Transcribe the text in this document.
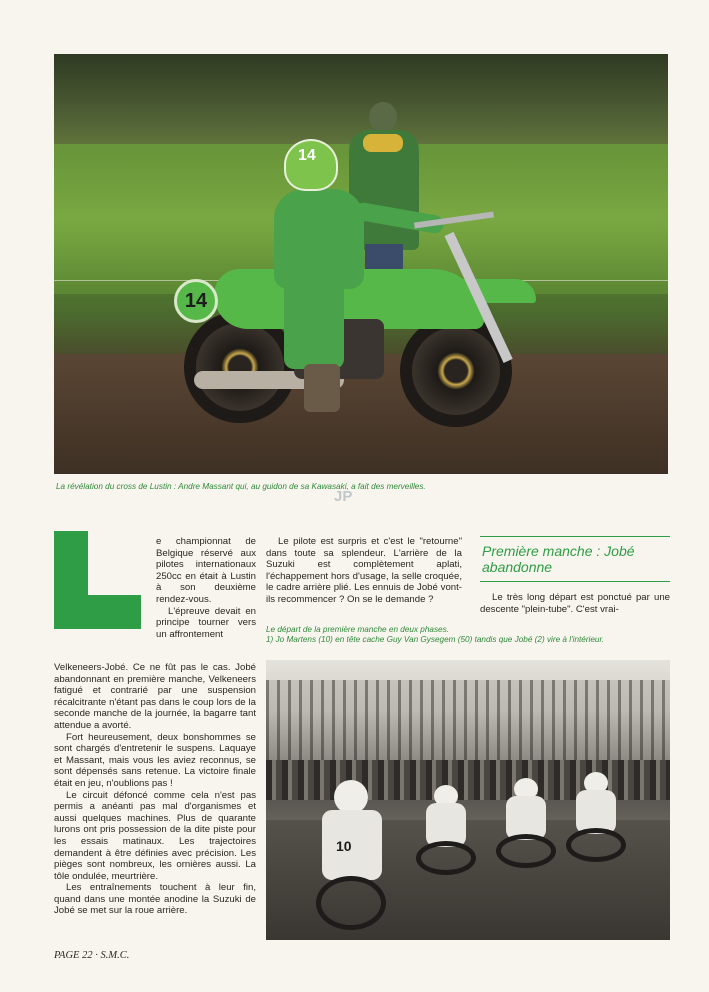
14
14
La révélation du cross de Lustin : Andre Massant qui, au guidon de sa Kawasaki, a fait des merveilles.
JP

e championnat de Belgique réservé aux pilotes internationaux 250cc en était à Lustin à son deuxième rendez-vous.

L'épreuve devait en principe tourner vers un affrontement

Velkeneers-Jobé. Ce ne fût pas le cas. Jobé abandonnant en première manche, Velkeneers fatigué et contrarié par une suspension récalcitrante n'étant pas dans le coup lors de la seconde manche de la journée, la bagarre tant attendue a avorté.

Fort heureusement, deux bonshommes se sont chargés d'entretenir le suspens. Laquaye et Massant, mais vous les aviez reconnus, se sont dépensés sans retenue. La victoire finale était en jeu, n'oublions pas !

Le circuit défoncé comme cela n'est pas permis a anéanti pas mal d'organismes et aussi quelques machines. Plus de quarante lurons ont pris possession de la dite piste pour les essais matinaux. Les trajectoires demandent à être définies avec précision. Les pièges sont nombreux, les ornières aussi. La tôle ondulée, meurtrière.

Les entraînements touchent à leur fin, quand dans une montée anodine la Suzuki de Jobé se met sur la roue arrière.

Le pilote est surpris et c'est le "retourne" dans toute sa splendeur. L'arrière de la Suzuki est complètement aplati, l'échappement hors d'usage, la selle croquée, le cadre arrière plié. Les ennuis de Jobé vont-ils recommencer ? On se le demande ?

Première manche : Jobé abandonne

Le très long départ est ponctué par une descente "plein-tube". C'est vrai-

Le départ de la première manche en deux phases.
1) Jo Martens (10) en tête cache Guy Van Gysegem (50) tandis que Jobé (2) vire à l'intérieur.
10
PAGE 22 · S.M.C.
